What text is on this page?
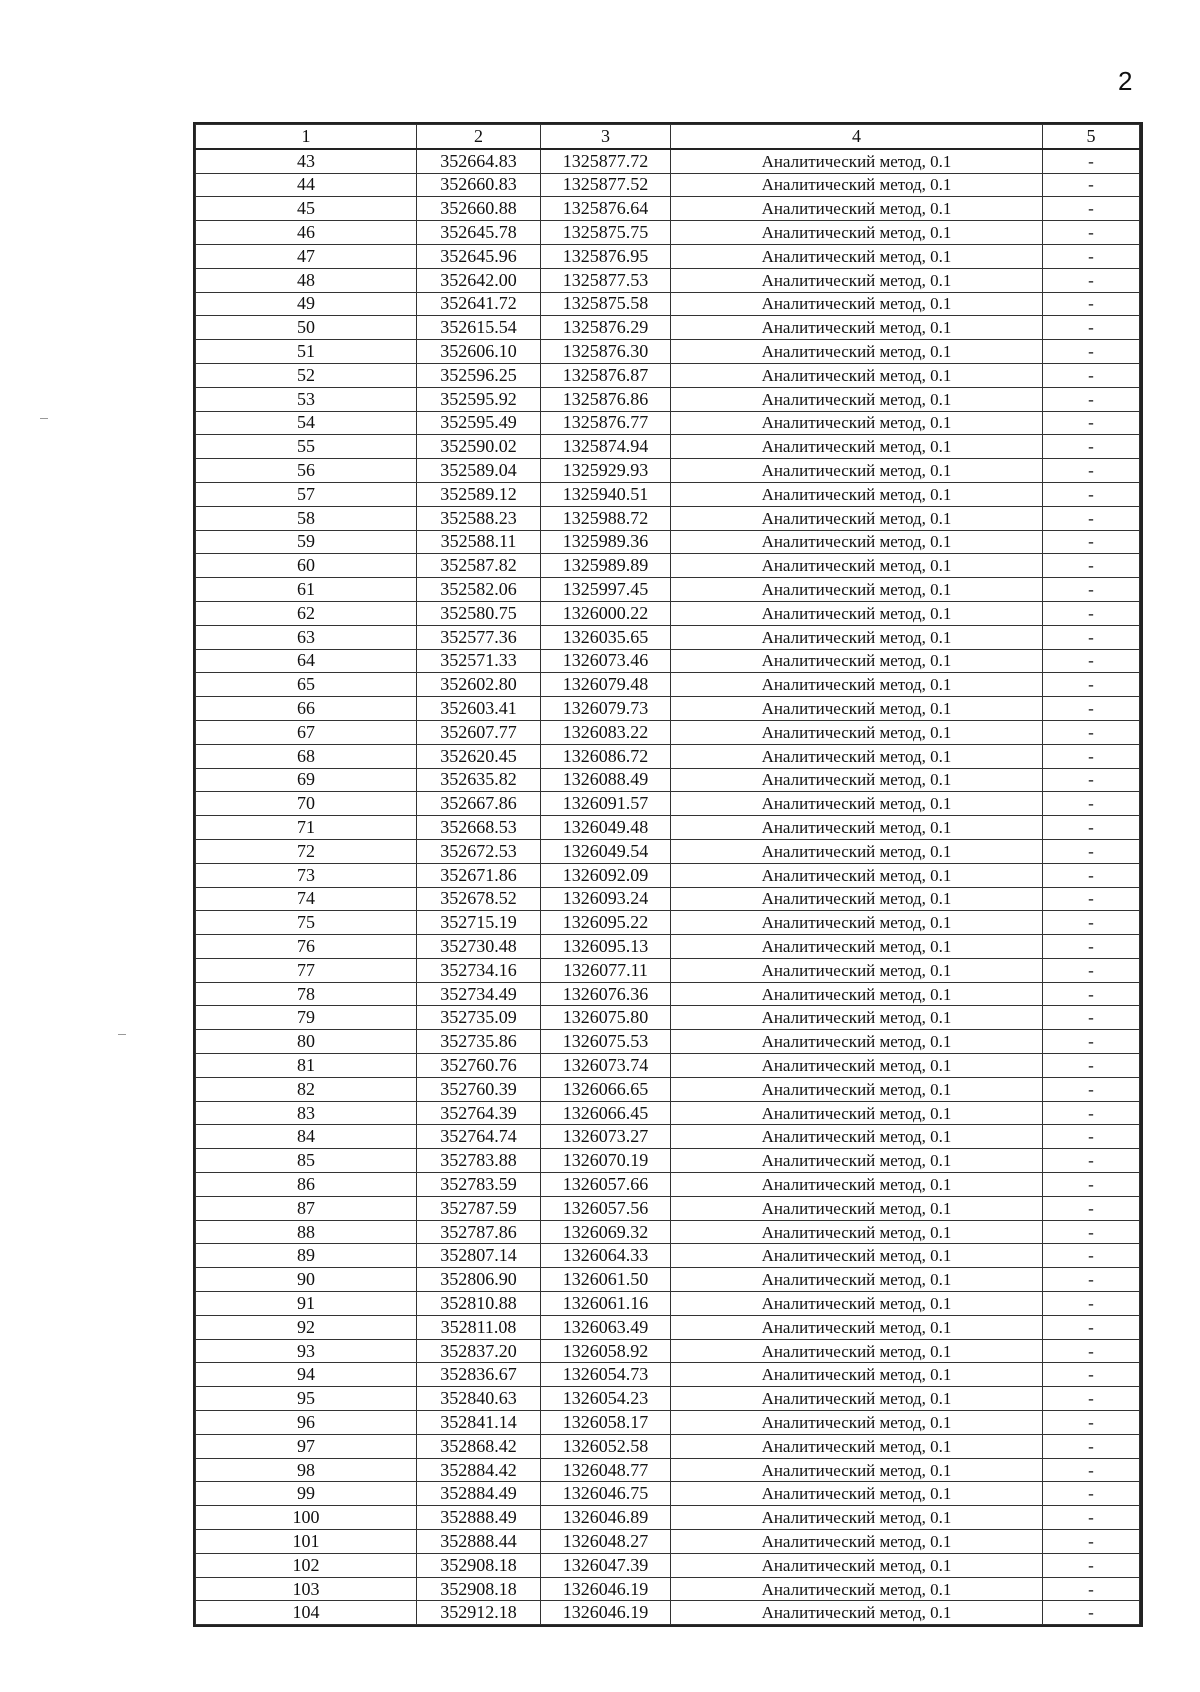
2
1	2	3	4	5
43	352664.83	1325877.72	Аналитический метод, 0.1	-
44	352660.83	1325877.52	Аналитический метод, 0.1	-
45	352660.88	1325876.64	Аналитический метод, 0.1	-
46	352645.78	1325875.75	Аналитический метод, 0.1	-
47	352645.96	1325876.95	Аналитический метод, 0.1	-
48	352642.00	1325877.53	Аналитический метод, 0.1	-
49	352641.72	1325875.58	Аналитический метод, 0.1	-
50	352615.54	1325876.29	Аналитический метод, 0.1	-
51	352606.10	1325876.30	Аналитический метод, 0.1	-
52	352596.25	1325876.87	Аналитический метод, 0.1	-
53	352595.92	1325876.86	Аналитический метод, 0.1	-
54	352595.49	1325876.77	Аналитический метод, 0.1	-
55	352590.02	1325874.94	Аналитический метод, 0.1	-
56	352589.04	1325929.93	Аналитический метод, 0.1	-
57	352589.12	1325940.51	Аналитический метод, 0.1	-
58	352588.23	1325988.72	Аналитический метод, 0.1	-
59	352588.11	1325989.36	Аналитический метод, 0.1	-
60	352587.82	1325989.89	Аналитический метод, 0.1	-
61	352582.06	1325997.45	Аналитический метод, 0.1	-
62	352580.75	1326000.22	Аналитический метод, 0.1	-
63	352577.36	1326035.65	Аналитический метод, 0.1	-
64	352571.33	1326073.46	Аналитический метод, 0.1	-
65	352602.80	1326079.48	Аналитический метод, 0.1	-
66	352603.41	1326079.73	Аналитический метод, 0.1	-
67	352607.77	1326083.22	Аналитический метод, 0.1	-
68	352620.45	1326086.72	Аналитический метод, 0.1	-
69	352635.82	1326088.49	Аналитический метод, 0.1	-
70	352667.86	1326091.57	Аналитический метод, 0.1	-
71	352668.53	1326049.48	Аналитический метод, 0.1	-
72	352672.53	1326049.54	Аналитический метод, 0.1	-
73	352671.86	1326092.09	Аналитический метод, 0.1	-
74	352678.52	1326093.24	Аналитический метод, 0.1	-
75	352715.19	1326095.22	Аналитический метод, 0.1	-
76	352730.48	1326095.13	Аналитический метод, 0.1	-
77	352734.16	1326077.11	Аналитический метод, 0.1	-
78	352734.49	1326076.36	Аналитический метод, 0.1	-
79	352735.09	1326075.80	Аналитический метод, 0.1	-
80	352735.86	1326075.53	Аналитический метод, 0.1	-
81	352760.76	1326073.74	Аналитический метод, 0.1	-
82	352760.39	1326066.65	Аналитический метод, 0.1	-
83	352764.39	1326066.45	Аналитический метод, 0.1	-
84	352764.74	1326073.27	Аналитический метод, 0.1	-
85	352783.88	1326070.19	Аналитический метод, 0.1	-
86	352783.59	1326057.66	Аналитический метод, 0.1	-
87	352787.59	1326057.56	Аналитический метод, 0.1	-
88	352787.86	1326069.32	Аналитический метод, 0.1	-
89	352807.14	1326064.33	Аналитический метод, 0.1	-
90	352806.90	1326061.50	Аналитический метод, 0.1	-
91	352810.88	1326061.16	Аналитический метод, 0.1	-
92	352811.08	1326063.49	Аналитический метод, 0.1	-
93	352837.20	1326058.92	Аналитический метод, 0.1	-
94	352836.67	1326054.73	Аналитический метод, 0.1	-
95	352840.63	1326054.23	Аналитический метод, 0.1	-
96	352841.14	1326058.17	Аналитический метод, 0.1	-
97	352868.42	1326052.58	Аналитический метод, 0.1	-
98	352884.42	1326048.77	Аналитический метод, 0.1	-
99	352884.49	1326046.75	Аналитический метод, 0.1	-
100	352888.49	1326046.89	Аналитический метод, 0.1	-
101	352888.44	1326048.27	Аналитический метод, 0.1	-
102	352908.18	1326047.39	Аналитический метод, 0.1	-
103	352908.18	1326046.19	Аналитический метод, 0.1	-
104	352912.18	1326046.19	Аналитический метод, 0.1	-
